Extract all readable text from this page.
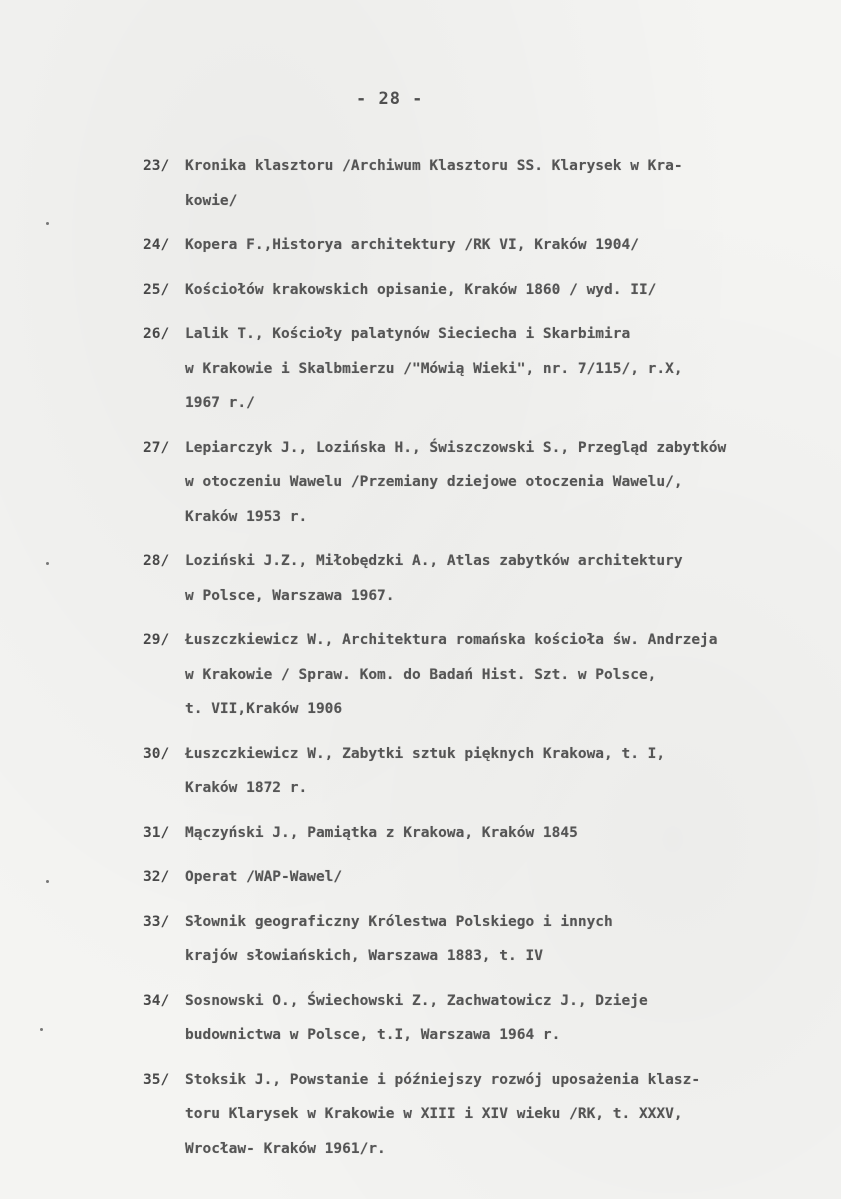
- 28 -
23/	Kronika klasztoru /Archiwum Klasztoru SS. Klarysek w Kra-
kowie/
24/	Kopera F.,Historya architektury /RK VI, Kraków 1904/
25/	Kościołów krakowskich opisanie, Kraków 1860 / wyd. II/
26/	Lalik T., Kościoły palatynów Sieciecha i Skarbimira
w Krakowie i Skalbmierzu /"Mówią Wieki", nr. 7/115/, r.X,
1967 r./
27/	Lepiarczyk J., Lozińska H., Świszczowski S., Przegląd zabytków
w otoczeniu Wawelu /Przemiany dziejowe otoczenia Wawelu/,
Kraków 1953 r.
28/	Loziński J.Z., Miłobędzki A., Atlas zabytków architektury
w Polsce, Warszawa 1967.
29/	Łuszczkiewicz W., Architektura romańska kościoła św. Andrzeja
w Krakowie / Spraw. Kom. do Badań Hist. Szt. w Polsce,
t. VII,Kraków 1906
30/	Łuszczkiewicz W., Zabytki sztuk pięknych Krakowa, t. I,
Kraków 1872 r.
31/	Mączyński J., Pamiątka z Krakowa, Kraków 1845
32/	Operat /WAP-Wawel/
33/	Słownik geograficzny Królestwa Polskiego i innych
krajów słowiańskich, Warszawa 1883, t. IV
34/	Sosnowski O., Świechowski Z., Zachwatowicz J., Dzieje
budownictwa w Polsce, t.I, Warszawa 1964 r.
35/	Stoksik J., Powstanie i późniejszy rozwój uposażenia klasz-
toru Klarysek w Krakowie w XIII i XIV wieku /RK, t. XXXV,
Wrocław- Kraków 1961/r.
